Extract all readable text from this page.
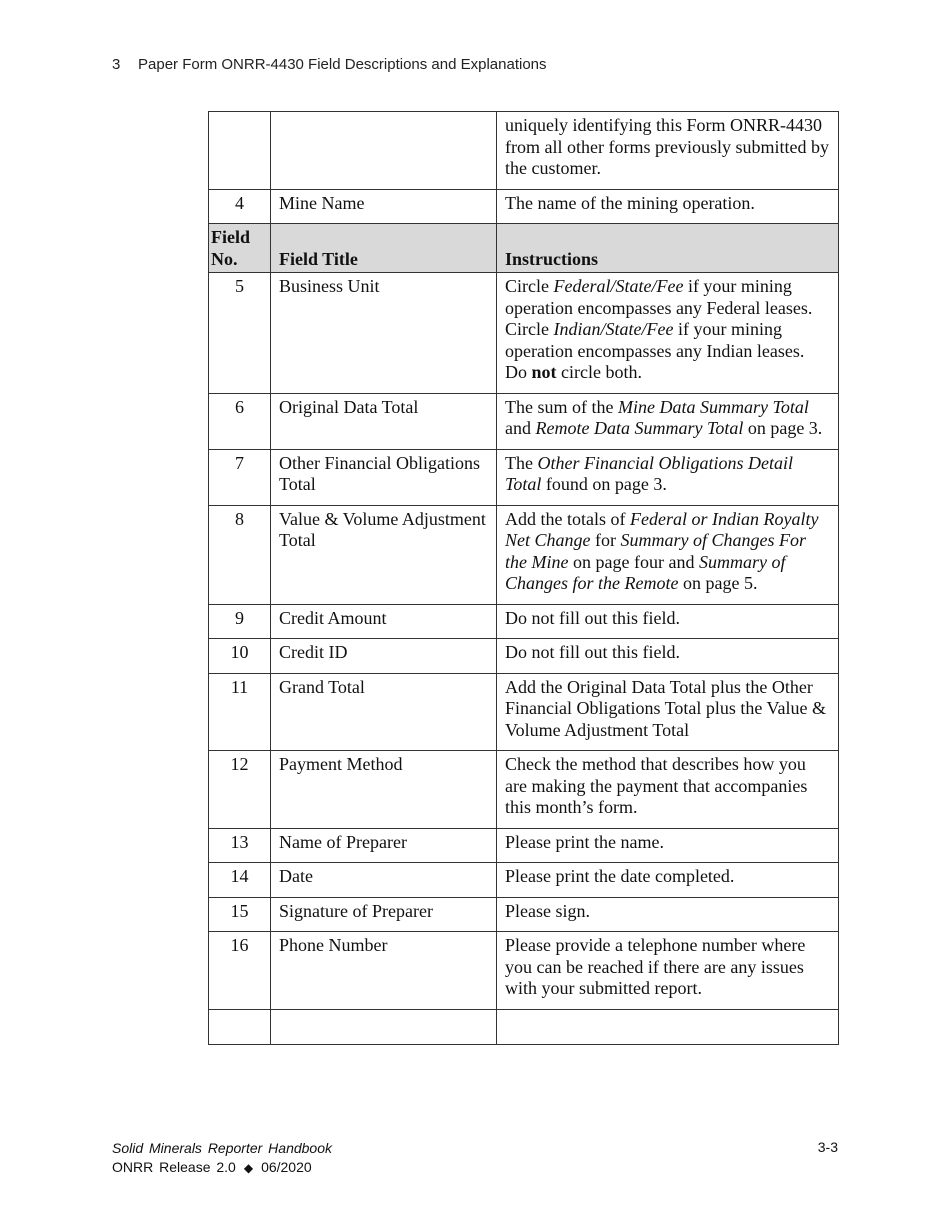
3 Paper Form ONRR-4430 Field Descriptions and Explanations
		uniquely identifying this Form ONRR-4430 from all other forms previously submitted by the customer.
4	Mine Name	The name of the mining operation.
Field No.	Field Title	Instructions
5	Business Unit	Circle Federal/State/Fee if your mining operation encompasses any Federal leases. Circle Indian/State/Fee if your mining operation encompasses any Indian leases. Do not circle both.
6	Original Data Total	The sum of the Mine Data Summary Total and Remote Data Summary Total on page 3.
7	Other Financial Obligations Total	The Other Financial Obligations Detail Total found on page 3.
8	Value & Volume Adjustment Total	Add the totals of Federal or Indian Royalty Net Change for Summary of Changes For the Mine on page four and Summary of Changes for the Remote on page 5.
9	Credit Amount	Do not fill out this field.
10	Credit ID	Do not fill out this field.
11	Grand Total	Add the Original Data Total plus the Other Financial Obligations Total plus the Value & Volume Adjustment Total
12	Payment Method	Check the method that describes how you are making the payment that accompanies this month’s form.
13	Name of Preparer	Please print the name.
14	Date	Please print the date completed.
15	Signature of Preparer	Please sign.
16	Phone Number	Please provide a telephone number where you can be reached if there are any issues with your submitted report.

Solid Minerals Reporter Handbook
ONRR Release 2.0 ◆ 06/2020
3-3
